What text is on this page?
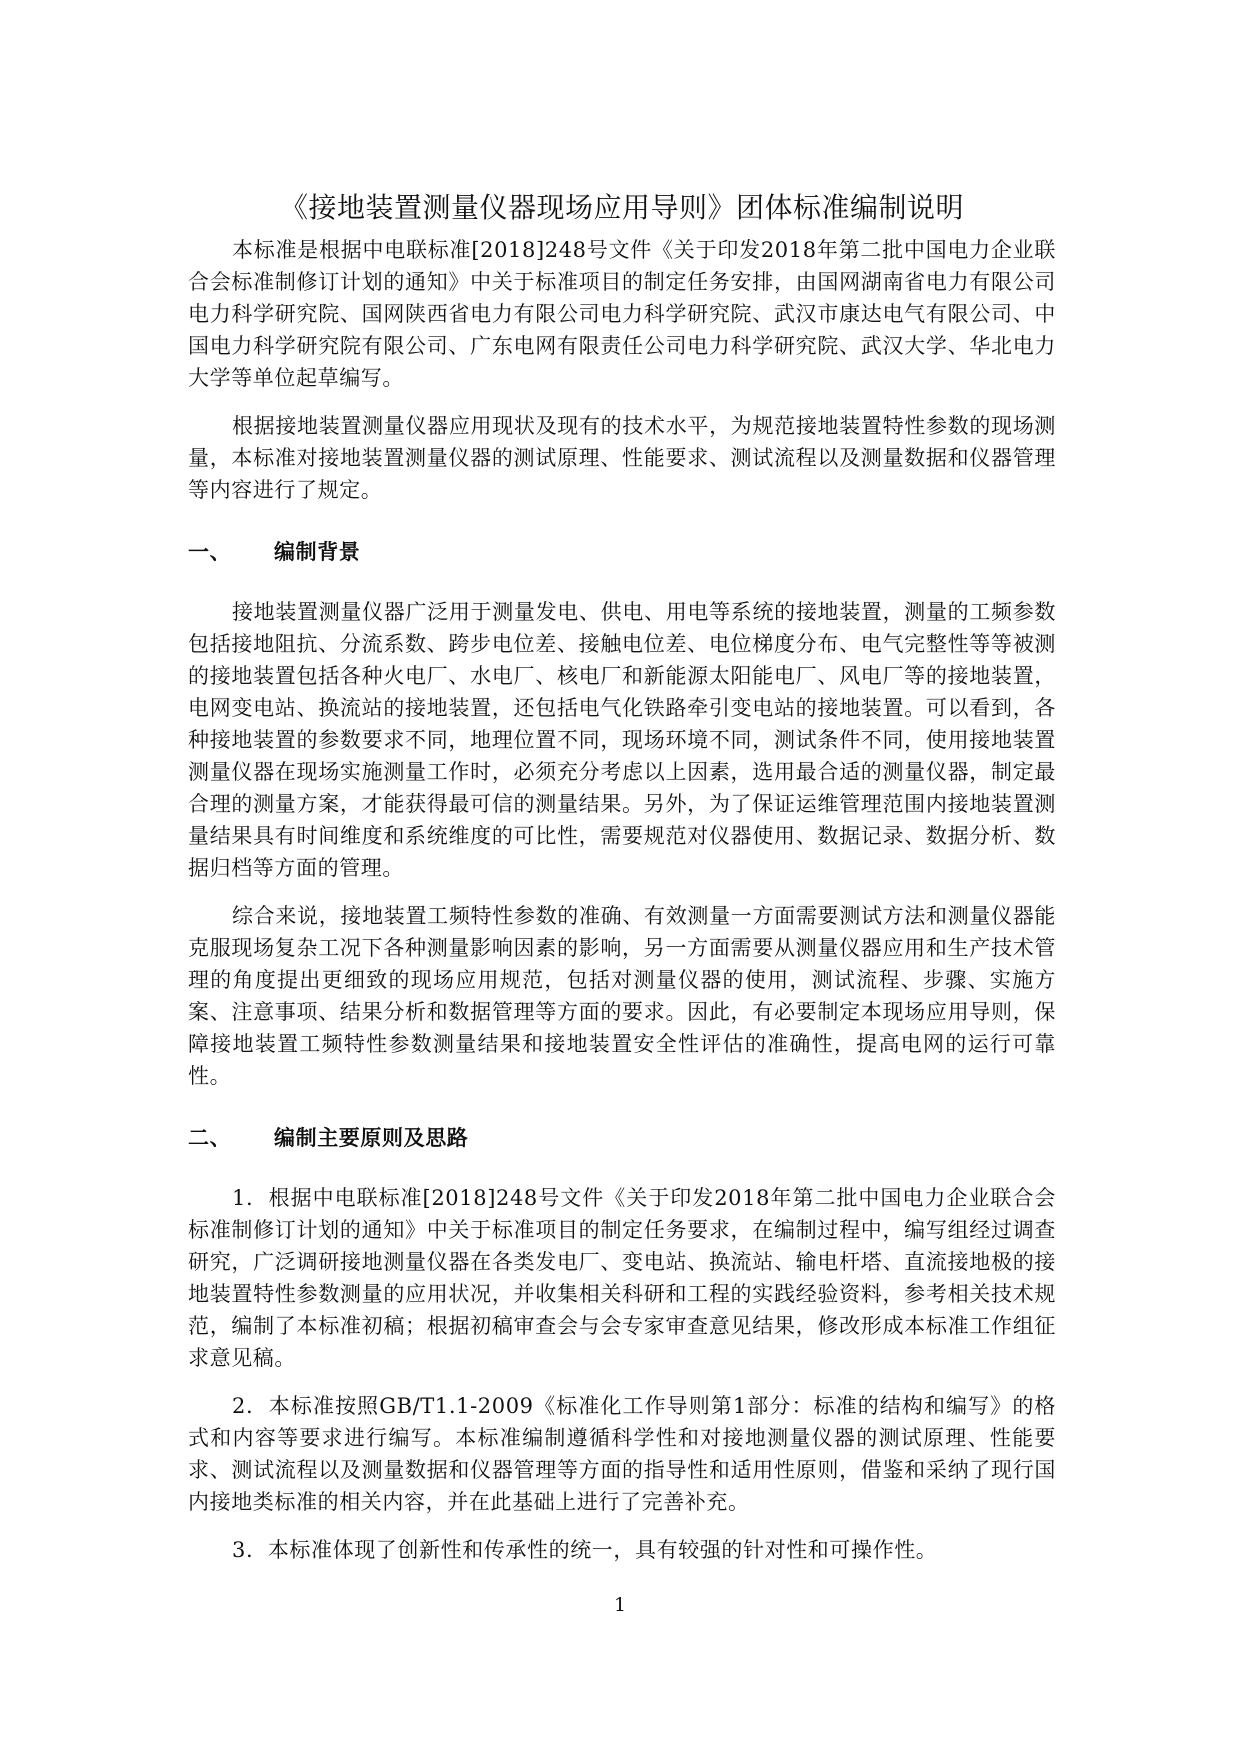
《接地装置测量仪器现场应用导则》团体标准编制说明

本标准是根据中电联标准[2018]248号文件《关于印发2018年第二批中国电力企业联合会标准制修订计划的通知》中关于标准项目的制定任务安排，由国网湖南省电力有限公司电力科学研究院、国网陕西省电力有限公司电力科学研究院、武汉市康达电气有限公司、中国电力科学研究院有限公司、广东电网有限责任公司电力科学研究院、武汉大学、华北电力大学等单位起草编写。

根据接地装置测量仪器应用现状及现有的技术水平，为规范接地装置特性参数的现场测量，本标准对接地装置测量仪器的测试原理、性能要求、测试流程以及测量数据和仪器管理等内容进行了规定。

一、 编制背景

接地装置测量仪器广泛用于测量发电、供电、用电等系统的接地装置，测量的工频参数包括接地阻抗、分流系数、跨步电位差、接触电位差、电位梯度分布、电气完整性等等被测的接地装置包括各种火电厂、水电厂、核电厂和新能源太阳能电厂、风电厂等的接地装置，电网变电站、换流站的接地装置，还包括电气化铁路牵引变电站的接地装置。可以看到，各种接地装置的参数要求不同，地理位置不同，现场环境不同，测试条件不同，使用接地装置测量仪器在现场实施测量工作时，必须充分考虑以上因素，选用最合适的测量仪器，制定最合理的测量方案，才能获得最可信的测量结果。另外，为了保证运维管理范围内接地装置测量结果具有时间维度和系统维度的可比性，需要规范对仪器使用、数据记录、数据分析、数据归档等方面的管理。

综合来说，接地装置工频特性参数的准确、有效测量一方面需要测试方法和测量仪器能克服现场复杂工况下各种测量影响因素的影响，另一方面需要从测量仪器应用和生产技术管理的角度提出更细致的现场应用规范，包括对测量仪器的使用，测试流程、步骤、实施方案、注意事项、结果分析和数据管理等方面的要求。因此，有必要制定本现场应用导则，保障接地装置工频特性参数测量结果和接地装置安全性评估的准确性，提高电网的运行可靠性。

二、 编制主要原则及思路

1. 根据中电联标准[2018]248号文件《关于印发2018年第二批中国电力企业联合会标准制修订计划的通知》中关于标准项目的制定任务要求，在编制过程中，编写组经过调查研究，广泛调研接地测量仪器在各类发电厂、变电站、换流站、输电杆塔、直流接地极的接地装置特性参数测量的应用状况，并收集相关科研和工程的实践经验资料，参考相关技术规范，编制了本标准初稿；根据初稿审查会与会专家审查意见结果，修改形成本标准工作组征求意见稿。

2. 本标准按照GB/T1.1-2009《标准化工作导则第1部分：标准的结构和编写》的格式和内容等要求进行编写。本标准编制遵循科学性和对接地测量仪器的测试原理、性能要求、测试流程以及测量数据和仪器管理等方面的指导性和适用性原则，借鉴和采纳了现行国内接地类标准的相关内容，并在此基础上进行了完善补充。

3. 本标准体现了创新性和传承性的统一，具有较强的针对性和可操作性。

1
